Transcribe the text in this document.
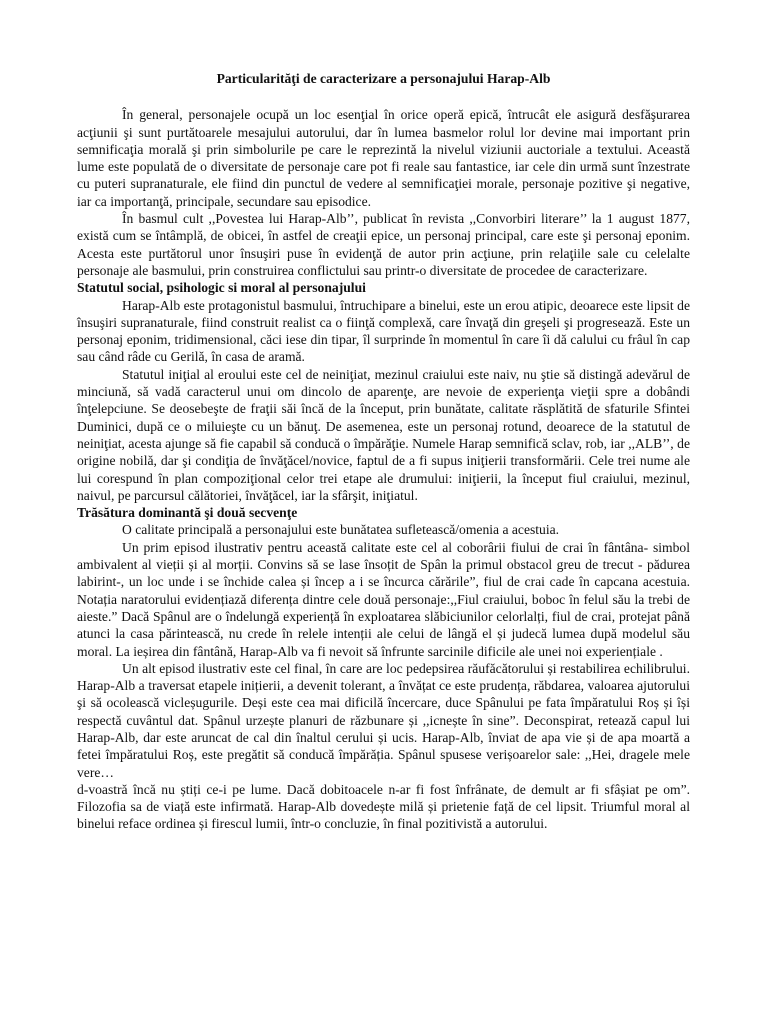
Particularităţi de caracterizare a personajului Harap-Alb

În general, personajele ocupă un loc esenţial în orice operă epică, întrucât ele asigură desfăşurarea acţiunii şi sunt purtătoarele mesajului autorului, dar în lumea basmelor rolul lor devine mai important prin semnificaţia morală şi prin simbolurile pe care le reprezintă la nivelul viziunii auctoriale a textului. Această lume este populată de o diversitate de personaje care pot fi reale sau fantastice, iar cele din urmă sunt înzestrate cu puteri supranaturale, ele fiind din punctul de vedere al semnificaţiei morale, personaje pozitive şi negative, iar ca importanţă, principale, secundare sau episodice.

În basmul cult ,,Povestea lui Harap-Alb’’, publicat în revista ,,Convorbiri literare’’ la 1 august 1877, există cum se întâmplă, de obicei, în astfel de creaţii epice, un personaj principal, care este şi personaj eponim. Acesta este purtătorul unor însuşiri puse în evidenţă de autor prin acţiune, prin relaţiile sale cu celelalte personaje ale basmului, prin construirea conflictului sau printr-o diversitate de procedee de caracterizare.

Statutul social, psihologic si moral al personajului

Harap-Alb este protagonistul basmului, întruchipare a binelui, este un erou atipic, deoarece este lipsit de însuşiri supranaturale, fiind construit realist ca o fiinţă complexă, care învaţă din greşeli şi progresează. Este un personaj eponim, tridimensional, căci iese din tipar, îl surprinde în momentul în care îi dă calului cu frâul în cap sau când râde cu Gerilă, în casa de aramă.

Statutul iniţial al eroului este cel de neiniţiat, mezinul craiului este naiv, nu ştie să distingă adevărul de minciună, să vadă caracterul unui om dincolo de aparenţe, are nevoie de experienţa vieţii spre a dobândi înţelepciune. Se deosebeşte de fraţii săi încă de la început, prin bunătate, calitate răsplătită de sfaturile Sfintei Duminici, după ce o miluieşte cu un bănuţ. De asemenea, este un personaj rotund, deoarece de la statutul de neiniţiat, acesta ajunge să fie capabil să conducă o împărăţie. Numele Harap semnifică sclav, rob, iar ,,ALB’’, de origine nobilă, dar şi condiţia de învăţăcel/novice, faptul de a fi supus iniţierii transformării. Cele trei nume ale lui corespund în plan compoziţional celor trei etape ale drumului: iniţierii, la început fiul craiului, mezinul, naivul, pe parcursul călătoriei, învăţăcel, iar la sfârşit, iniţiatul.

Trăsătura dominantă şi două secvenţe

O calitate principală a personajului este bunătatea sufletească/omenia a acestuia.

Un prim episod ilustrativ pentru această calitate este cel al coborârii fiului de crai în fântâna- simbol ambivalent al vieții și al morții. Convins să se lase însoțit de Spân la primul obstacol greu de trecut - pădurea labirint-, un loc unde i se închide calea și încep a i se încurca cărările”, fiul de crai cade în capcana acestuia. Notația naratorului evidențiază diferența dintre cele două personaje:,,Fiul craiului, boboc în felul său la trebi de aieste.” Dacă Spânul are o îndelungă experiență în exploatarea slăbiciunilor celorlalți, fiul de crai, protejat până atunci la casa părintească, nu crede în relele intenții ale celui de lângă el și judecă lumea după modelul său moral. La ieșirea din fântână, Harap-Alb va fi nevoit să înfrunte sarcinile dificile ale unei noi experiențiale .

Un alt episod ilustrativ este cel final, în care are loc pedepsirea răufăcătorului și restabilirea echilibrului. Harap-Alb a traversat etapele inițierii, a devenit tolerant, a învățat ce este prudența, răbdarea, valoarea ajutorului şi să ocolească vicleșugurile. Deși este cea mai dificilă încercare, duce Spânului pe fata împăratului Roș și își respectă cuvântul dat. Spânul urzește planuri de răzbunare și ,,icnește în sine”. Deconspirat, retează capul lui Harap-Alb, dar este aruncat de cal din înaltul cerului și ucis. Harap-Alb, înviat de apa vie și de apa moartă a fetei împăratului Roș, este pregătit să conducă împărăția. Spânul spusese verișoarelor sale: ,,Hei, dragele mele vere…

d-voastră încă nu știți ce-i pe lume. Dacă dobitoacele n-ar fi fost înfrânate, de demult ar fi sfâșiat pe om”. Filozofia sa de viață este infirmată. Harap-Alb dovedește milă și prietenie față de cel lipsit. Triumful moral al binelui reface ordinea și firescul lumii, într-o concluzie, în final pozitivistă a autorului.
